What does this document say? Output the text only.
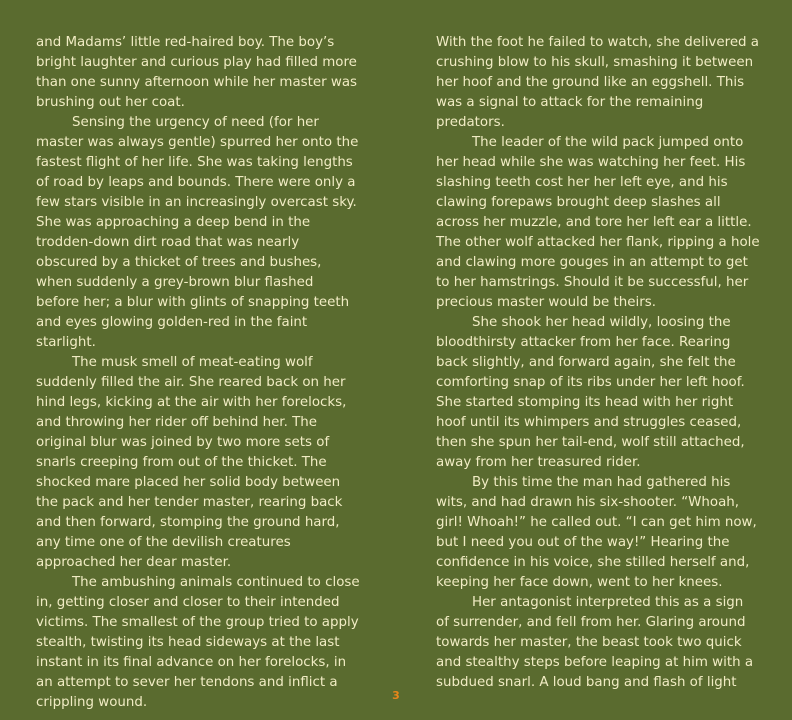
and Madams’ little red-haired boy. The boy’s bright laughter and curious play had filled more than one sunny afternoon while her master was brushing out her coat.

Sensing the urgency of need (for her master was always gentle) spurred her onto the fastest flight of her life. She was taking lengths of road by leaps and bounds. There were only a few stars visible in an increasingly overcast sky. She was approaching a deep bend in the trodden-down dirt road that was nearly obscured by a thicket of trees and bushes, when suddenly a grey-brown blur flashed before her; a blur with glints of snapping teeth and eyes glowing golden-red in the faint starlight.

The musk smell of meat-eating wolf suddenly filled the air. She reared back on her hind legs, kicking at the air with her forelocks, and throwing her rider off behind her. The original blur was joined by two more sets of snarls creeping from out of the thicket. The shocked mare placed her solid body between the pack and her tender master, rearing back and then forward, stomping the ground hard, any time one of the devilish creatures approached her dear master.

The ambushing animals continued to close in, getting closer and closer to their intended victims. The smallest of the group tried to apply stealth, twisting its head sideways at the last instant in its final advance on her forelocks, in an attempt to sever her tendons and inflict a crippling wound.

With the foot he failed to watch, she delivered a crushing blow to his skull, smashing it between her hoof and the ground like an eggshell. This was a signal to attack for the remaining predators.

The leader of the wild pack jumped onto her head while she was watching her feet. His slashing teeth cost her her left eye, and his clawing forepaws brought deep slashes all across her muzzle, and tore her left ear a little. The other wolf attacked her flank, ripping a hole and clawing more gouges in an attempt to get to her hamstrings. Should it be successful, her precious master would be theirs.

She shook her head wildly, loosing the bloodthirsty attacker from her face. Rearing back slightly, and forward again, she felt the comforting snap of its ribs under her left hoof. She started stomping its head with her right hoof until its whimpers and struggles ceased, then she spun her tail-end, wolf still attached, away from her treasured rider.

By this time the man had gathered his wits, and had drawn his six-shooter. “Whoah, girl! Whoah!” he called out. “I can get him now, but I need you out of the way!” Hearing the confidence in his voice, she stilled herself and, keeping her face down, went to her knees.

Her antagonist interpreted this as a sign of surrender, and fell from her. Glaring around towards her master, the beast took two quick and stealthy steps before leaping at him with a subdued snarl. A loud bang and flash of light

3
